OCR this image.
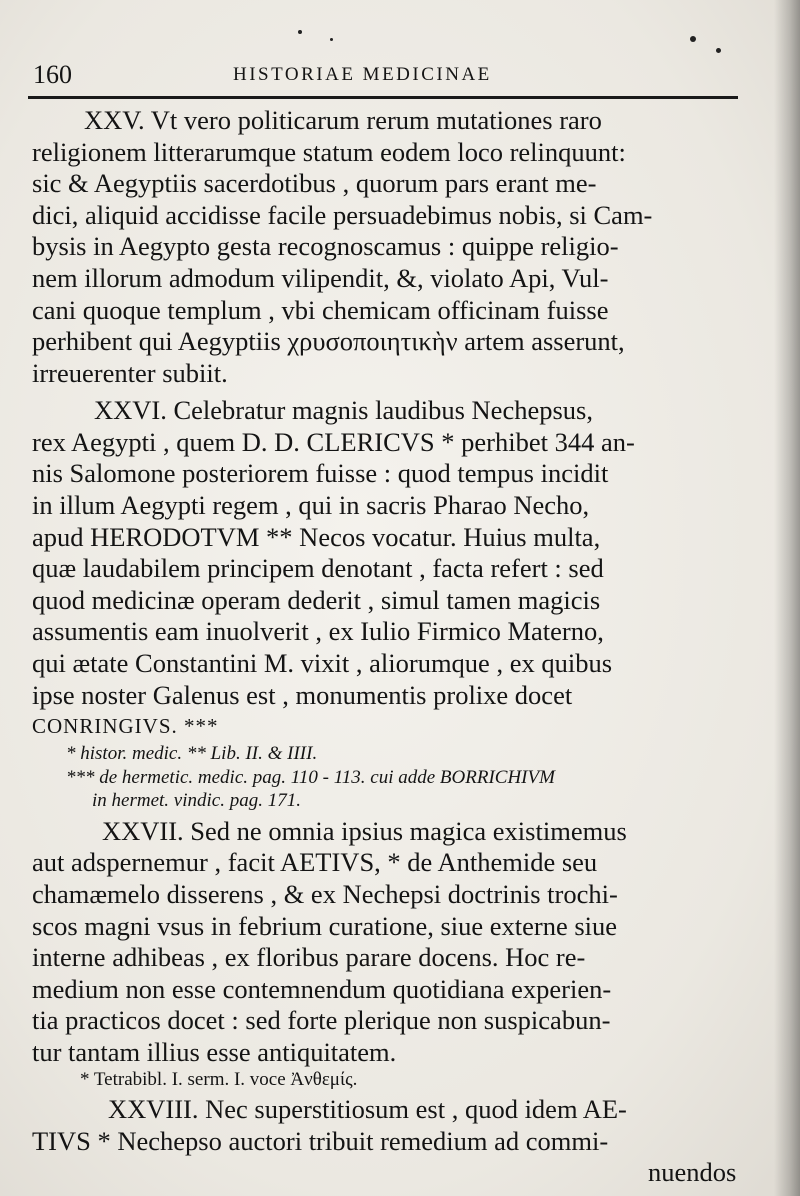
160	HISTORIAE MEDICINAE
XXV. Vt vero politicarum rerum mutationes raro
religionem litterarumque statum eodem loco relinquunt:
sic & Aegyptiis sacerdotibus , quorum pars erant me-
dici, aliquid accidisse facile persuadebimus nobis, si Cam-
bysis in Aegypto gesta recognoscamus : quippe religio-
nem illorum admodum vilipendit, &, violato Api, Vul-
cani quoque templum , vbi chemicam officinam fuisse
perhibent qui Aegyptiis χρυσοποιητικὴν artem asserunt,
irreuerenter subiit.
XXVI. Celebratur magnis laudibus Nechepsus,
rex Aegypti , quem D. D. CLERICVS * perhibet 344 an-
nis Salomone posteriorem fuisse : quod tempus incidit
in illum Aegypti regem , qui in sacris Pharao Necho,
apud HERODOTVM ** Necos vocatur. Huius multa,
quæ laudabilem principem denotant , facta refert : sed
quod medicinæ operam dederit , simul tamen magicis
assumentis eam inuolverit , ex Iulio Firmico Materno,
qui ætate Constantini M. vixit , aliorumque , ex quibus
ipse noster Galenus est , monumentis prolixe docet
CONRINGIVS. ***
* histor. medic. ** Lib. II. & IIII.
*** de hermetic. medic. pag. 110 - 113. cui adde BORRICHIVM
in hermet. vindic. pag. 171.
XXVII. Sed ne omnia ipsius magica existimemus
aut adspernemur , facit AETIVS, * de Anthemide seu
chamæmelo disserens , & ex Nechepsi doctrinis trochi-
scos magni vsus in febrium curatione, siue externe siue
interne adhibeas , ex floribus parare docens. Hoc re-
medium non esse contemnendum quotidiana experien-
tia practicos docet : sed forte plerique non suspicabun-
tur tantam illius esse antiquitatem.
* Tetrabibl. I. serm. I. voce Ἀνθεμίς.
XXVIII. Nec superstitiosum est , quod idem AE-
TIVS * Nechepso auctori tribuit remedium ad commi-
nuendos
